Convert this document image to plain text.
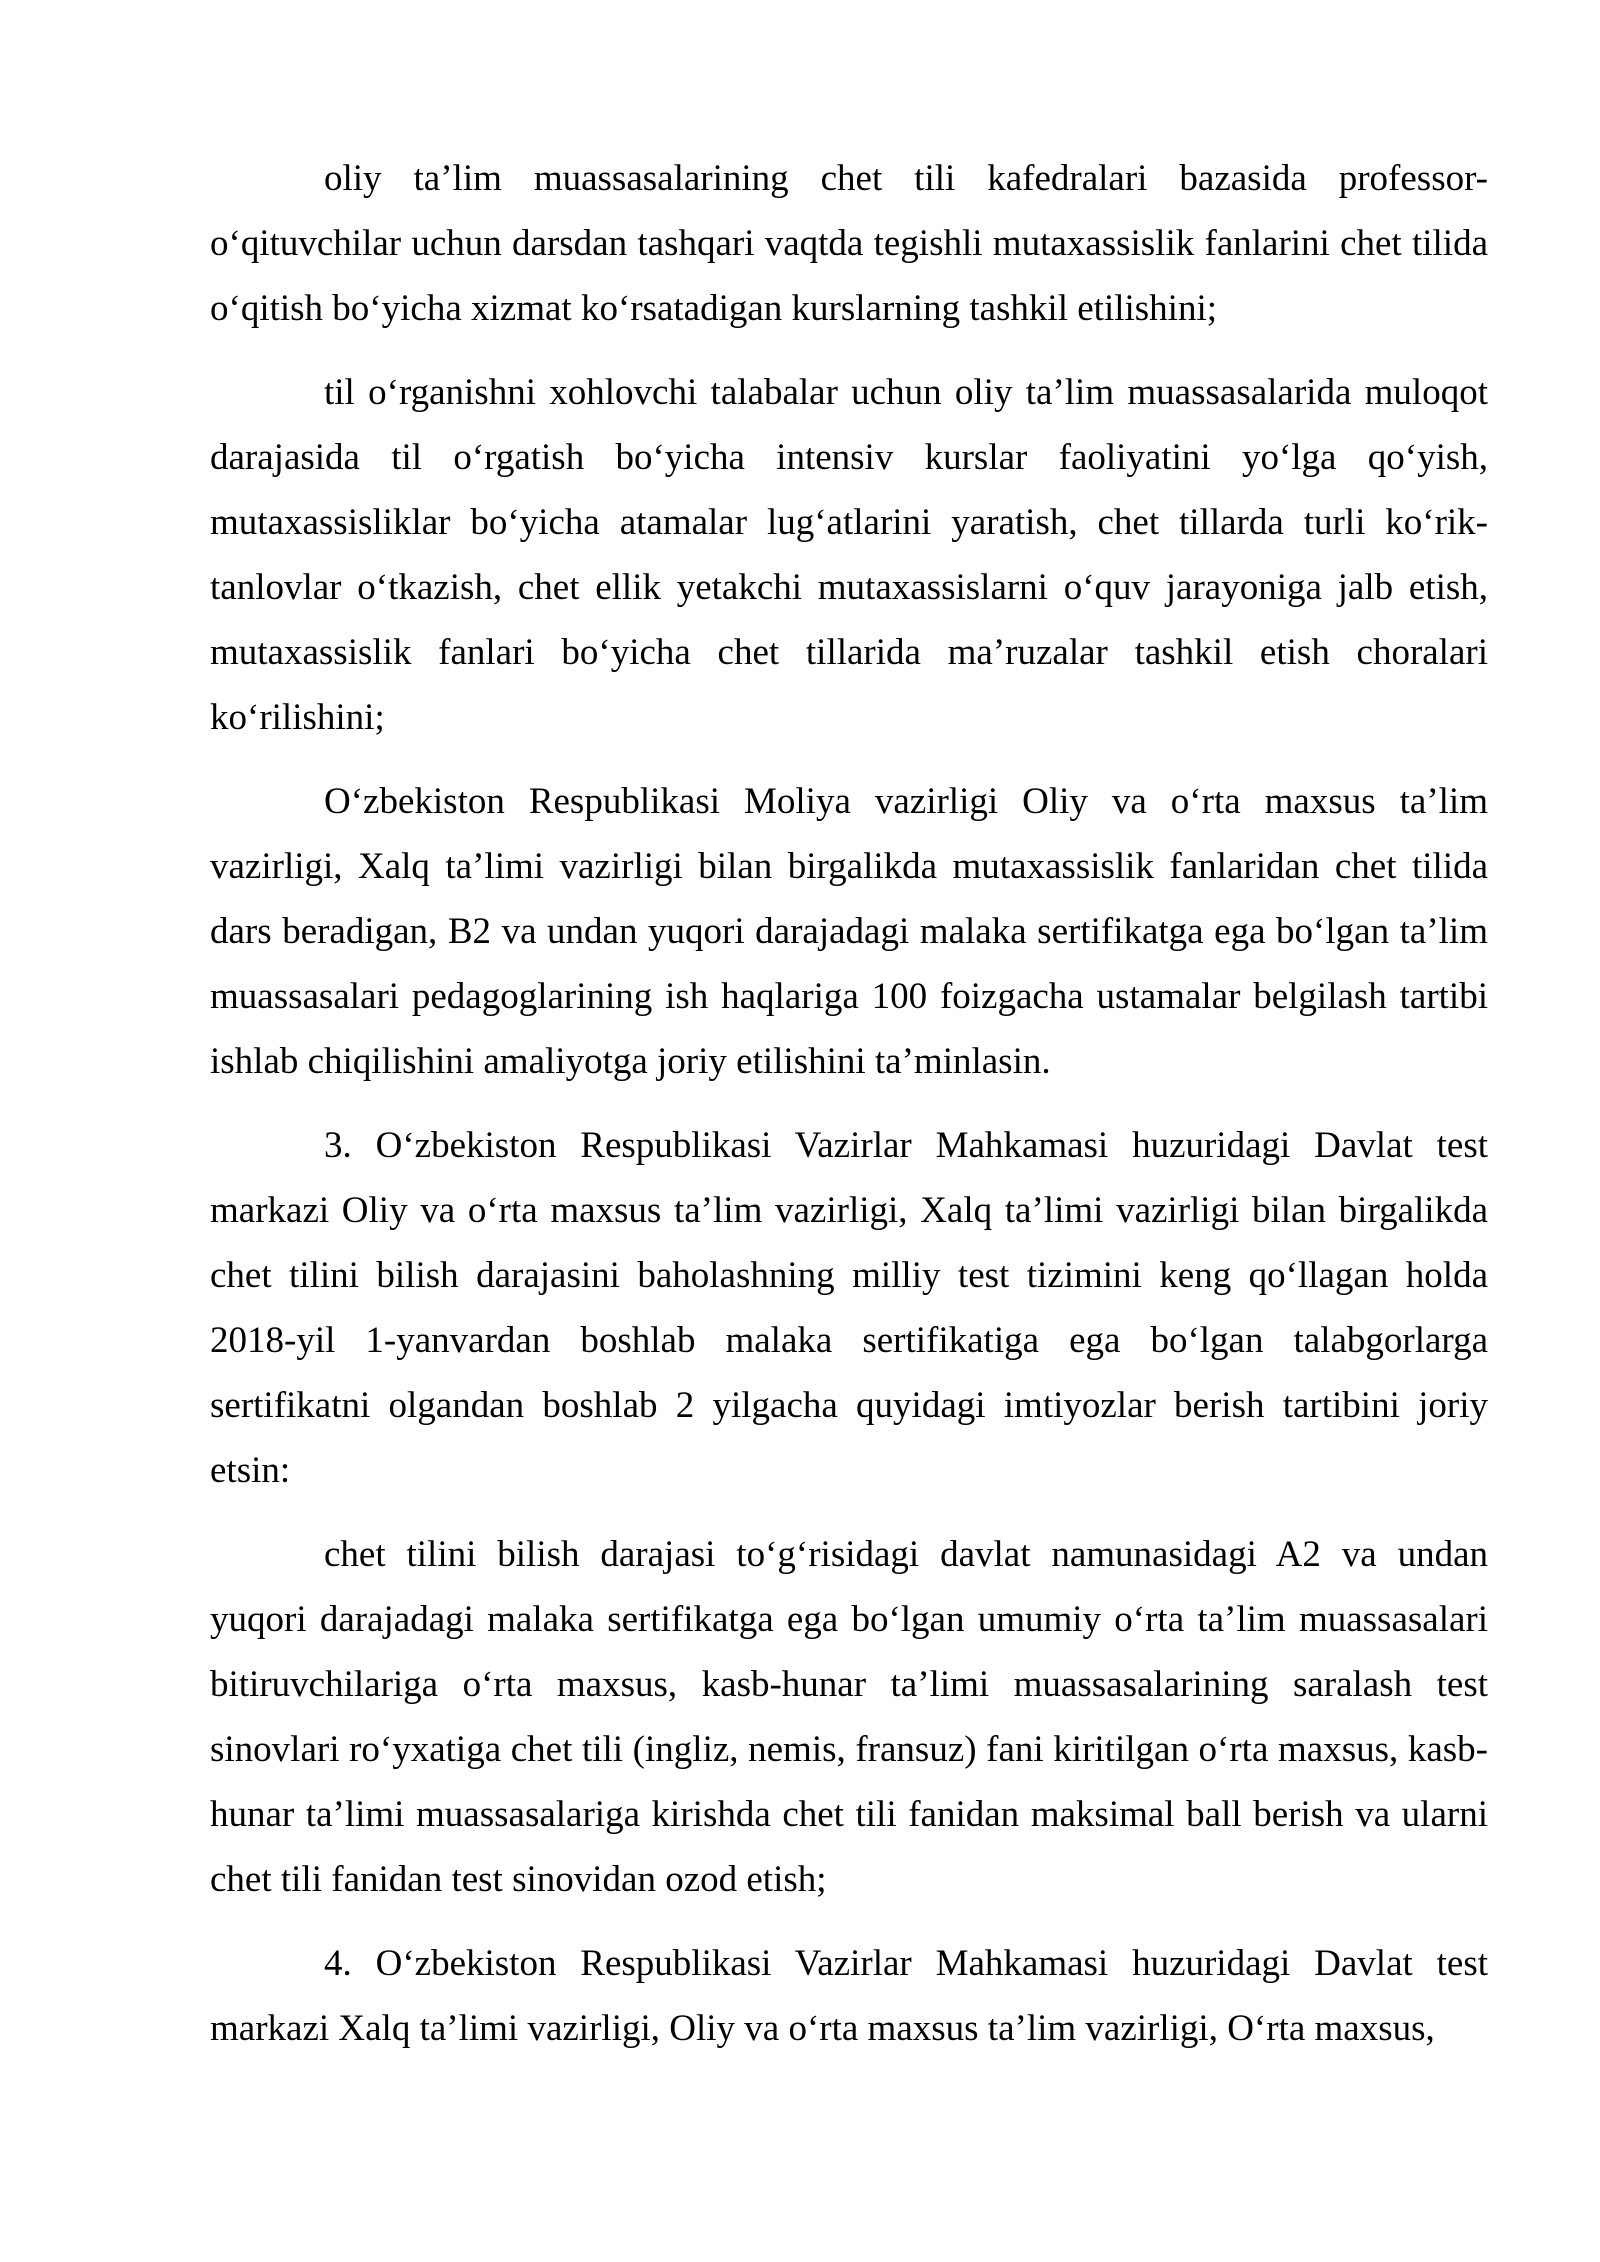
oliy ta’lim muassasalarining chet tili kafedralari bazasida professor-o‘qituvchilar uchun darsdan tashqari vaqtda tegishli mutaxassislik fanlarini chet tilida o‘qitish bo‘yicha xizmat ko‘rsatadigan kurslarning tashkil etilishini;

til o‘rganishni xohlovchi talabalar uchun oliy ta’lim muassasalarida muloqot darajasida til o‘rgatish bo‘yicha intensiv kurslar faoliyatini yo‘lga qo‘yish, mutaxassisliklar bo‘yicha atamalar lug‘atlarini yaratish, chet tillarda turli ko‘rik-tanlovlar o‘tkazish, chet ellik yetakchi mutaxassislarni o‘quv jarayoniga jalb etish, mutaxassislik fanlari bo‘yicha chet tillarida ma’ruzalar tashkil etish choralari ko‘rilishini;

O‘zbekiston Respublikasi Moliya vazirligi Oliy va o‘rta maxsus ta’lim vazirligi, Xalq ta’limi vazirligi bilan birgalikda mutaxassislik fanlaridan chet tilida dars beradigan, B2 va undan yuqori darajadagi malaka sertifikatga ega bo‘lgan ta’lim muassasalari pedagoglarining ish haqlariga 100 foizgacha ustamalar belgilash tartibi ishlab chiqilishini amaliyotga joriy etilishini ta’minlasin.

3. O‘zbekiston Respublikasi Vazirlar Mahkamasi huzuridagi Davlat test markazi Oliy va o‘rta maxsus ta’lim vazirligi, Xalq ta’limi vazirligi bilan birgalikda chet tilini bilish darajasini baholashning milliy test tizimini keng qo‘llagan holda 2018-yil 1-yanvardan boshlab malaka sertifikatiga ega bo‘lgan talabgorlarga sertifikatni olgandan boshlab 2 yilgacha quyidagi imtiyozlar berish tartibini joriy etsin:

chet tilini bilish darajasi to‘g‘risidagi davlat namunasidagi A2 va undan yuqori darajadagi malaka sertifikatga ega bo‘lgan umumiy o‘rta ta’lim muassasalari bitiruvchilariga o‘rta maxsus, kasb-hunar ta’limi muassasalarining saralash test sinovlari ro‘yxatiga chet tili (ingliz, nemis, fransuz) fani kiritilgan o‘rta maxsus, kasb-hunar ta’limi muassasalariga kirishda chet tili fanidan maksimal ball berish va ularni chet tili fanidan test sinovidan ozod etish;

4. O‘zbekiston Respublikasi Vazirlar Mahkamasi huzuridagi Davlat test markazi Xalq ta’limi vazirligi, Oliy va o‘rta maxsus ta’lim vazirligi, O‘rta maxsus,
